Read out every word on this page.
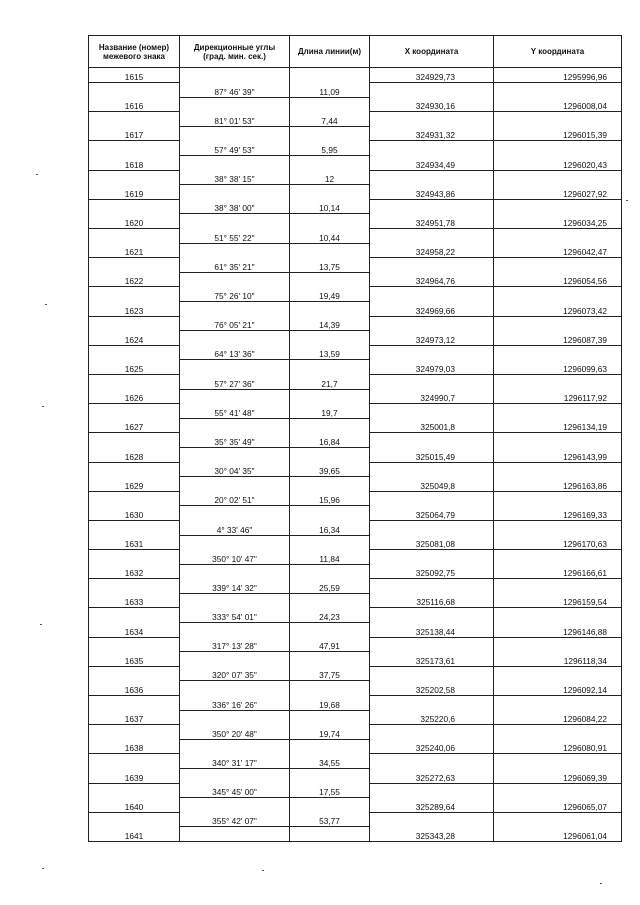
Название (номер) межевого знака	Дирекционные углы (град. мин. сек.)	Длина линии(м)	X координата	Y координата
1615			324929,73	1295996,96
	87° 46' 39"	11,09		
1616			324930,16	1296008,04
	81° 01' 53"	7,44		
1617			324931,32	1296015,39
	57° 49' 53"	5,95		
1618			324934,49	1296020,43
	38° 38' 15"	12		
1619			324943,86	1296027,92
	38° 38' 00"	10,14		
1620			324951,78	1296034,25
	51° 55' 22"	10,44		
1621			324958,22	1296042,47
	61° 35' 21"	13,75		
1622			324964,76	1296054,56
	75° 26' 10"	19,49		
1623			324969,66	1296073,42
	76° 05' 21"	14,39		
1624			324973,12	1296087,39
	64° 13' 36"	13,59		
1625			324979,03	1296099,63
	57° 27' 36"	21,7		
1626			324990,7	1296117,92
	55° 41' 48"	19,7		
1627			325001,8	1296134,19
	35° 35' 49"	16,84		
1628			325015,49	1296143,99
	30° 04' 35"	39,65		
1629			325049,8	1296163,86
	20° 02' 51"	15,96		
1630			325064,79	1296169,33
	4° 33' 46"	16,34		
1631			325081,08	1296170,63
	350° 10' 47"	11,84		
1632			325092,75	1296166,61
	339° 14' 32"	25,59		
1633			325116,68	1296159,54
	333° 54' 01"	24,23		
1634			325138,44	1296146,88
	317° 13' 28"	47,91		
1635			325173,61	1296118,34
	320° 07' 35"	37,75		
1636			325202,58	1296092,14
	336° 16' 26"	19,68		
1637			325220,6	1296084,22
	350° 20' 48"	19,74		
1638			325240,06	1296080,91
	340° 31' 17"	34,55		
1639			325272,63	1296069,39
	345° 45' 00"	17,55		
1640			325289,64	1296065,07
	355° 42' 07"	53,77		
1641			325343,28	1296061,04
